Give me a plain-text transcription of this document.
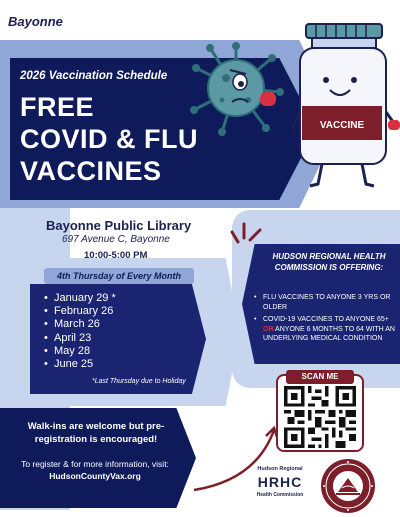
Bayonne
2026 Vaccination Schedule
FREE
COVID & FLU
VACCINES
VACCINE
Bayonne Public Library
697 Avenue C, Bayonne
10:00-5:00 PM
4th Thursday of Every Month
• January 29 *
• February 26
• March 26
• April 23
• May 28
• June 25
*Last Thursday due to Holiday
HUDSON REGIONAL HEALTH COMMISSION IS OFFERING:
• FLU VACCINES TO ANYONE 3 YRS OR OLDER
• COVID-19 VACCINES TO ANYONE 65+ OR ANYONE 6 MONTHS TO 64 WITH AN UNDERLYING MEDICAL CONDITION
Walk-ins are welcome but pre-registration is encouraged!
To register & for more information, visit: HudsonCountyVax.org
SCAN ME
Hudson Regional
HRHC
Health Commission
